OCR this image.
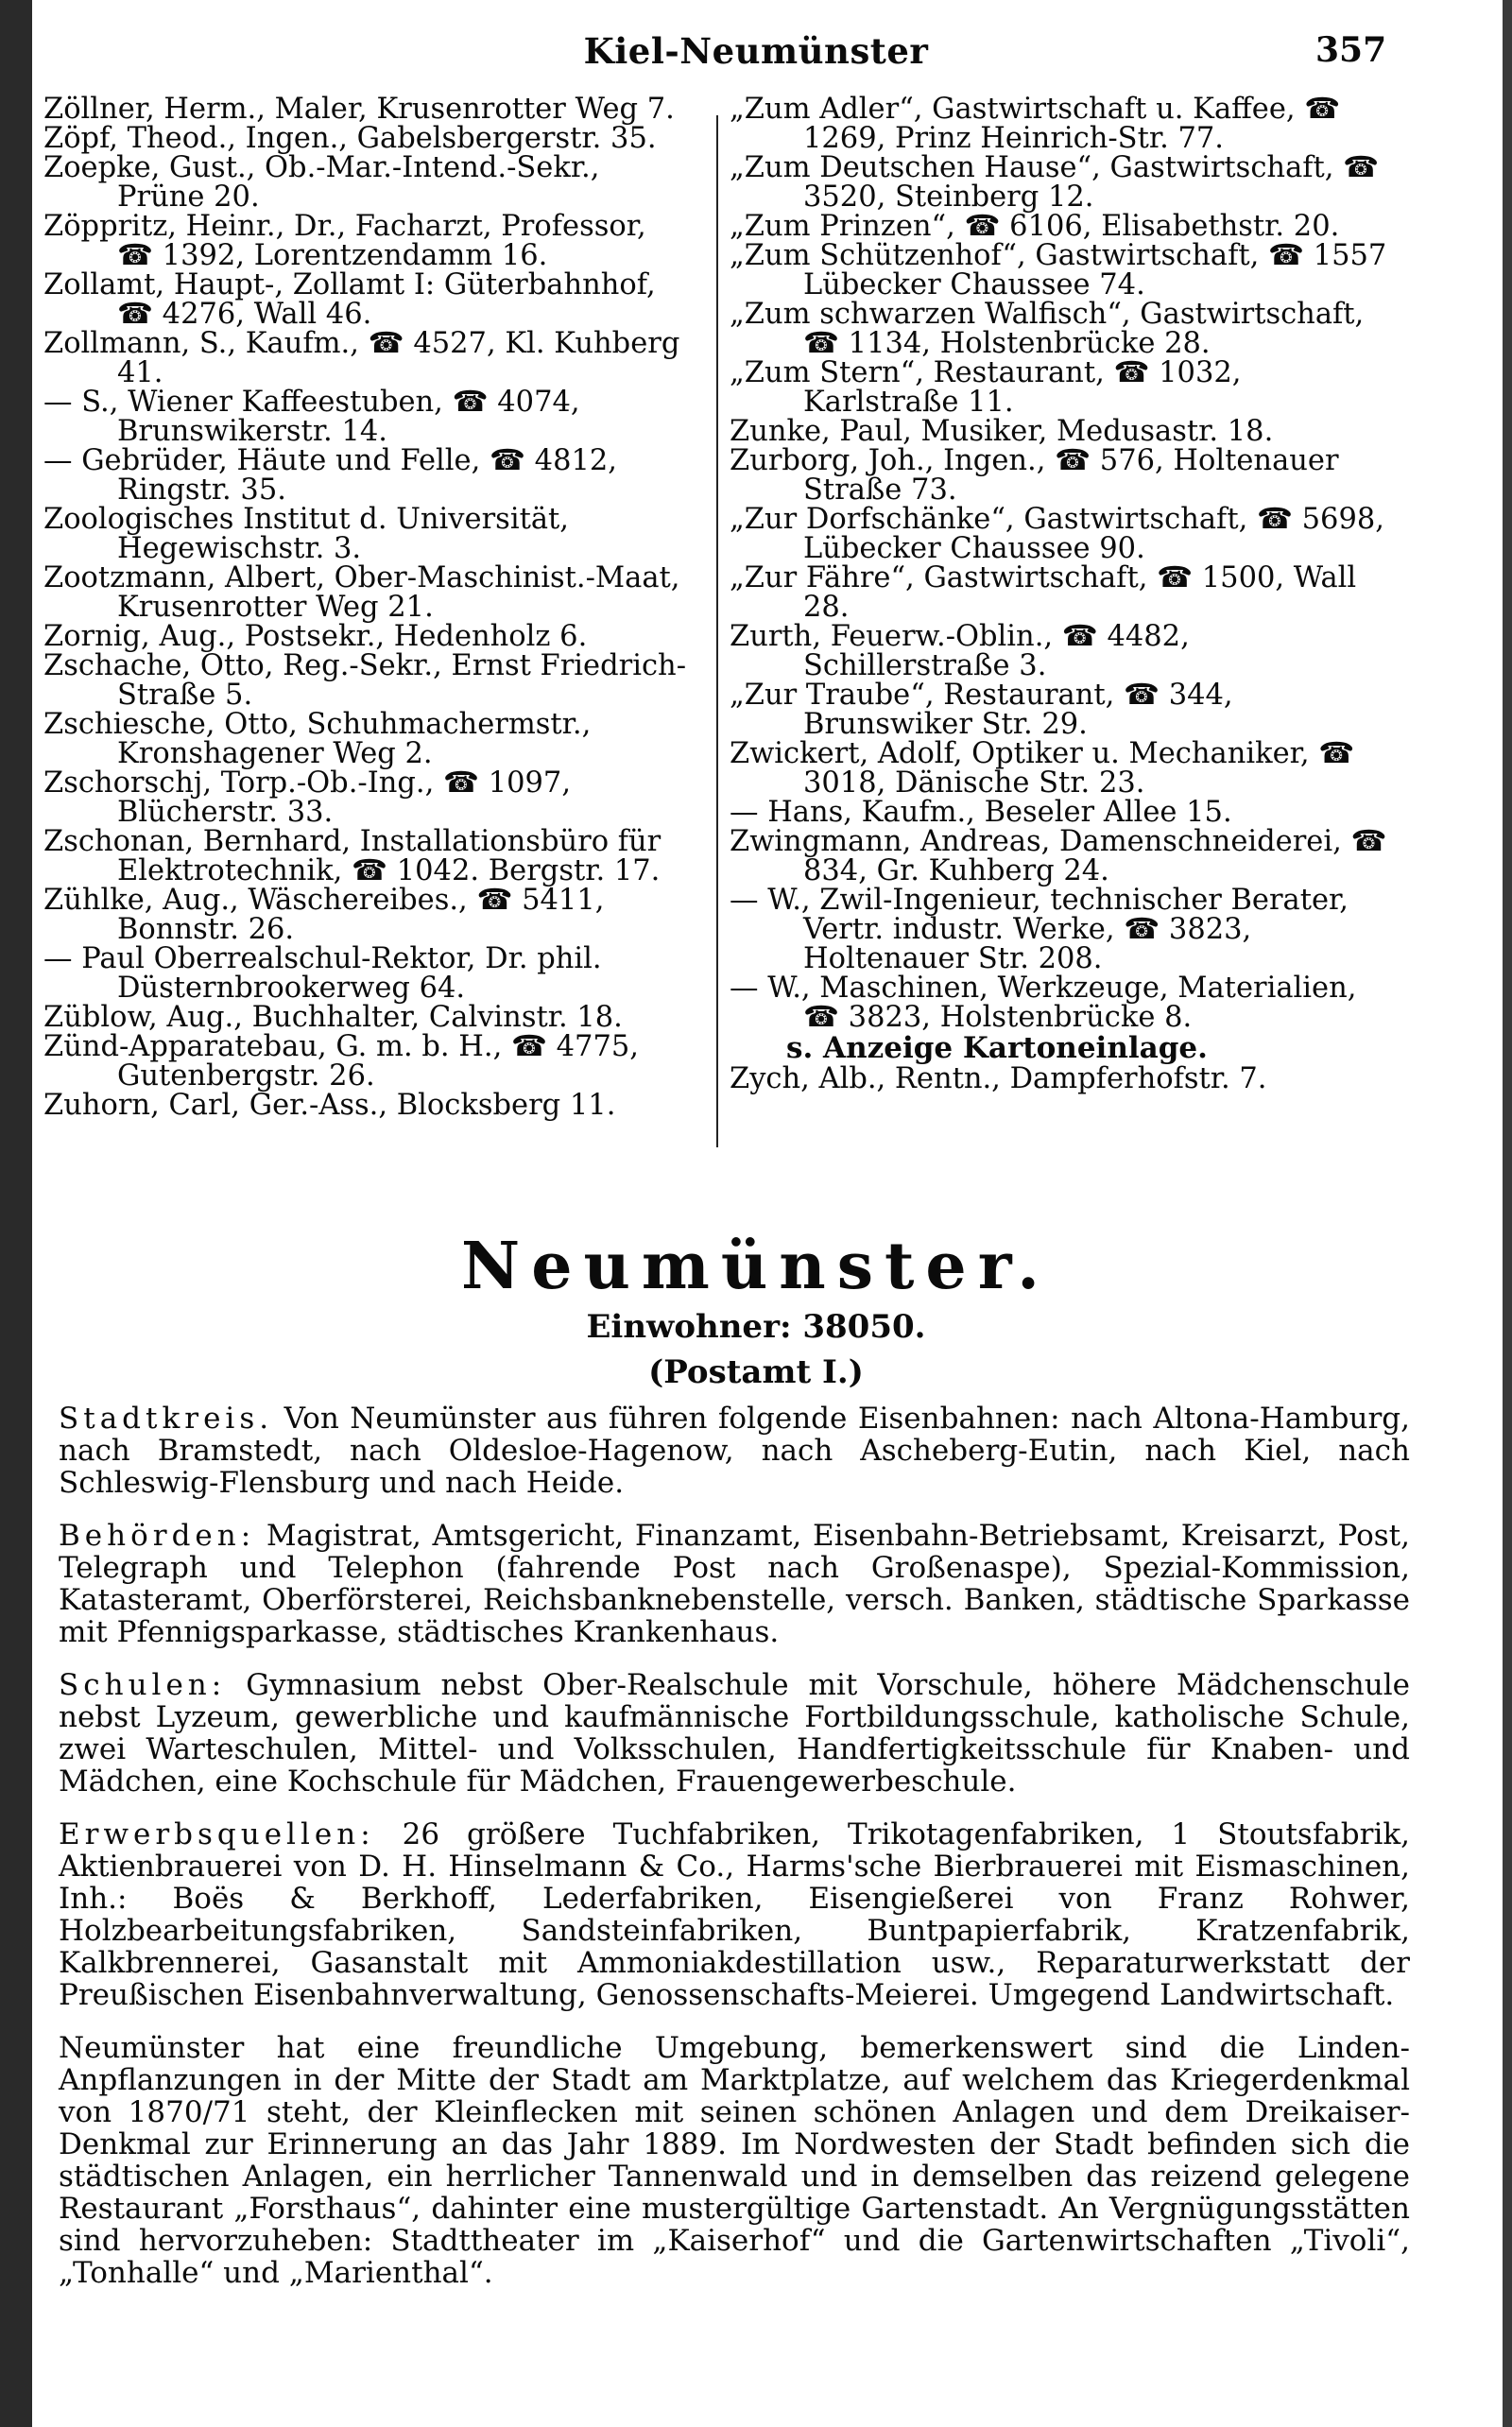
Kiel-Neumünster	357

Zöllner, Herm., Maler, Krusenrotter Weg 7.

Zöpf, Theod., Ingen., Gabelsbergerstr. 35.

Zoepke, Gust., Ob.-Mar.-Intend.-Sekr., Prüne 20.

Zöppritz, Heinr., Dr., Facharzt, Professor, ☎ 1392, Lorentzendamm 16.

Zollamt, Haupt-, Zollamt I: Güterbahnhof, ☎ 4276, Wall 46.

Zollmann, S., Kaufm., ☎ 4527, Kl. Kuhberg 41.

— S., Wiener Kaffeestuben, ☎ 4074, Brunswikerstr. 14.

— Gebrüder, Häute und Felle, ☎ 4812, Ringstr. 35.

Zoologisches Institut d. Universität, Hegewischstr. 3.

Zootzmann, Albert, Ober-Maschinist.-Maat, Krusenrotter Weg 21.

Zornig, Aug., Postsekr., Hedenholz 6.

Zschache, Otto, Reg.-Sekr., Ernst Friedrich-Straße 5.

Zschiesche, Otto, Schuhmachermstr., Kronshagener Weg 2.

Zschorschj, Torp.-Ob.-Ing., ☎ 1097, Blücherstr. 33.

Zschonan, Bernhard, Installationsbüro für Elektrotechnik, ☎ 1042. Bergstr. 17.

Zühlke, Aug., Wäschereibes., ☎ 5411, Bonnstr. 26.

— Paul Oberrealschul-Rektor, Dr. phil. Düsternbrookerweg 64.

Züblow, Aug., Buchhalter, Calvinstr. 18.

Zünd-Apparatebau, G. m. b. H., ☎ 4775, Gutenbergstr. 26.

Zuhorn, Carl, Ger.-Ass., Blocksberg 11.

„Zum Adler“, Gastwirtschaft u. Kaffee, ☎ 1269, Prinz Heinrich-Str. 77.

„Zum Deutschen Hause“, Gastwirtschaft, ☎ 3520, Steinberg 12.

„Zum Prinzen“, ☎ 6106, Elisabethstr. 20.

„Zum Schützenhof“, Gastwirtschaft, ☎ 1557 Lübecker Chaussee 74.

„Zum schwarzen Walfisch“, Gastwirtschaft, ☎ 1134, Holstenbrücke 28.

„Zum Stern“, Restaurant, ☎ 1032, Karlstraße 11.

Zunke, Paul, Musiker, Medusastr. 18.

Zurborg, Joh., Ingen., ☎ 576, Holtenauer Straße 73.

„Zur Dorfschänke“, Gastwirtschaft, ☎ 5698, Lübecker Chaussee 90.

„Zur Fähre“, Gastwirtschaft, ☎ 1500, Wall 28.

Zurth, Feuerw.-Oblin., ☎ 4482, Schillerstraße 3.

„Zur Traube“, Restaurant, ☎ 344, Brunswiker Str. 29.

Zwickert, Adolf, Optiker u. Mechaniker, ☎ 3018, Dänische Str. 23.

— Hans, Kaufm., Beseler Allee 15.

Zwingmann, Andreas, Damenschneiderei, ☎ 834, Gr. Kuhberg 24.

— W., Zwil-Ingenieur, technischer Berater, Vertr. industr. Werke, ☎ 3823, Holtenauer Str. 208.

— W., Maschinen, Werkzeuge, Materialien, ☎ 3823, Holstenbrücke 8.

s. Anzeige Kartoneinlage.

Zych, Alb., Rentn., Dampferhofstr. 7.

Neumünster.
Einwohner: 38050.
(Postamt I.)

Stadtkreis. Von Neumünster aus führen folgende Eisenbahnen: nach Altona-Hamburg, nach Bramstedt, nach Oldesloe-Hagenow, nach Ascheberg-Eutin, nach Kiel, nach Schleswig-Flensburg und nach Heide.

Behörden: Magistrat, Amtsgericht, Finanzamt, Eisenbahn-Betriebsamt, Kreisarzt, Post, Telegraph und Telephon (fahrende Post nach Großenaspe), Spezial-Kommission, Katasteramt, Oberförsterei, Reichsbanknebenstelle, versch. Banken, städtische Sparkasse mit Pfennigsparkasse, städtisches Krankenhaus.

Schulen: Gymnasium nebst Ober-Realschule mit Vorschule, höhere Mädchenschule nebst Lyzeum, gewerbliche und kaufmännische Fortbildungsschule, katholische Schule, zwei Warteschulen, Mittel- und Volksschulen, Handfertigkeitsschule für Knaben- und Mädchen, eine Kochschule für Mädchen, Frauengewerbeschule.

Erwerbsquellen: 26 größere Tuchfabriken, Trikotagenfabriken, 1 Stoutsfabrik, Aktienbrauerei von D. H. Hinselmann & Co., Harms'sche Bierbrauerei mit Eismaschinen, Inh.: Boës & Berkhoff, Lederfabriken, Eisengießerei von Franz Rohwer, Holzbearbeitungsfabriken, Sandsteinfabriken, Buntpapierfabrik, Kratzenfabrik, Kalkbrennerei, Gasanstalt mit Ammoniakdestillation usw., Reparaturwerkstatt der Preußischen Eisenbahnverwaltung, Genossenschafts-Meierei. Umgegend Landwirtschaft.

Neumünster hat eine freundliche Umgebung, bemerkenswert sind die Linden-Anpflanzungen in der Mitte der Stadt am Marktplatze, auf welchem das Kriegerdenkmal von 1870/71 steht, der Kleinflecken mit seinen schönen Anlagen und dem Dreikaiser-Denkmal zur Erinnerung an das Jahr 1889. Im Nordwesten der Stadt befinden sich die städtischen Anlagen, ein herrlicher Tannenwald und in demselben das reizend gelegene Restaurant „Forsthaus“, dahinter eine mustergültige Gartenstadt. An Vergnügungsstätten sind hervorzuheben: Stadttheater im „Kaiserhof“ und die Gartenwirtschaften „Tivoli“, „Tonhalle“ und „Marienthal“.
